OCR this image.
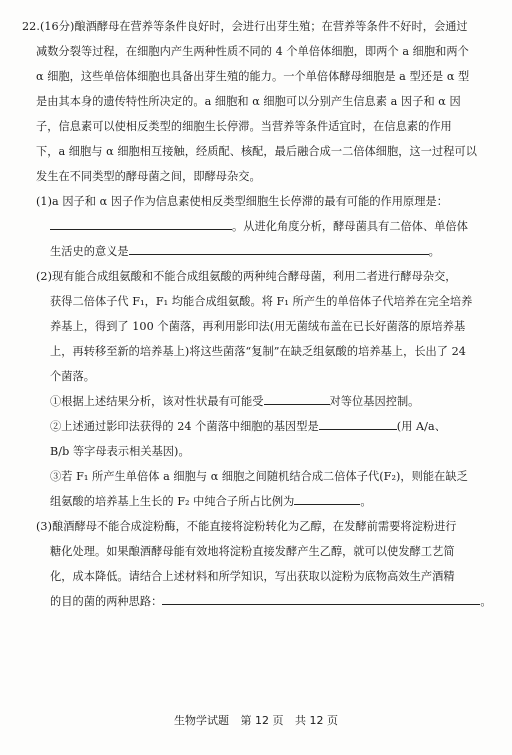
22.(16分)酿酒酵母在营养等条件良好时，会进行出芽生殖；在营养等条件不好时，会通过
减数分裂等过程，在细胞内产生两种性质不同的 4 个单倍体细胞，即两个 a 细胞和两个
α 细胞，这些单倍体细胞也具备出芽生殖的能力。一个单倍体酵母细胞是 a 型还是 α 型
是由其本身的遗传特性所决定的。a 细胞和 α 细胞可以分别产生信息素 a 因子和 α 因
子，信息素可以使相反类型的细胞生长停滞。当营养等条件适宜时，在信息素的作用
下，a 细胞与 α 细胞相互接触，经质配、核配，最后融合成一二倍体细胞，这一过程可以
发生在不同类型的酵母菌之间，即酵母杂交。
(1)a 因子和 α 因子作为信息素使相反类型细胞生长停滞的最有可能的作用原理是：
。从进化角度分析，酵母菌具有二倍体、单倍体
生活史的意义是	。
(2)现有能合成组氨酸和不能合成组氨酸的两种纯合酵母菌，利用二者进行酵母杂交，
获得二倍体子代 F₁，F₁ 均能合成组氨酸。将 F₁ 所产生的单倍体子代培养在完全培养
养基上，得到了 100 个菌落，再利用影印法(用无菌绒布盖在已长好菌落的原培养基
上，再转移至新的培养基上)将这些菌落“复制”在缺乏组氨酸的培养基上，长出了 24
个菌落。
①根据上述结果分析，该对性状最有可能受	对等位基因控制。
②上述通过影印法获得的 24 个菌落中细胞的基因型是	(用 A/a、
B/b 等字母表示相关基因)。
③若 F₁ 所产生单倍体 a 细胞与 α 细胞之间随机结合成二倍体子代(F₂)，则能在缺乏
组氨酸的培养基上生长的 F₂ 中纯合子所占比例为	。
(3)酿酒酵母不能合成淀粉酶，不能直接将淀粉转化为乙醇，在发酵前需要将淀粉进行
糖化处理。如果酿酒酵母能有效地将淀粉直接发酵产生乙醇，就可以使发酵工艺简
化，成本降低。请结合上述材料和所学知识，写出获取以淀粉为底物高效生产酒精
的目的菌的两种思路：	。
生物学试题 第 12 页 共 12 页
